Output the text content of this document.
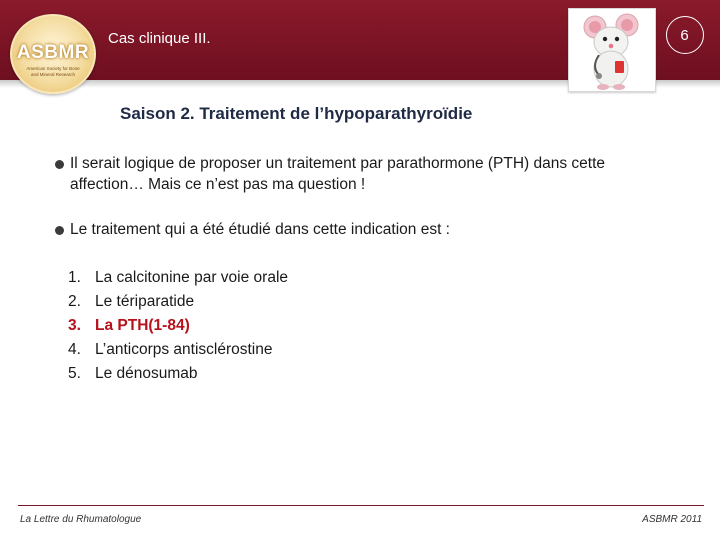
ASBMR
American Society for Bone and Mineral Research
Cas clinique III.	6
Saison 2. Traitement de l’hypoparathyroïdie
Il serait logique de proposer un traitement par parathormone (PTH) dans cette affection… Mais ce n’est pas ma question !
Le traitement qui a été étudié dans cette indication est :
1. La calcitonine par voie orale
2. Le tériparatide
3. La PTH(1-84)
4. L’anticorps antisclérostine
5. Le dénosumab
La Lettre du Rhumatologue	ASBMR 2011
